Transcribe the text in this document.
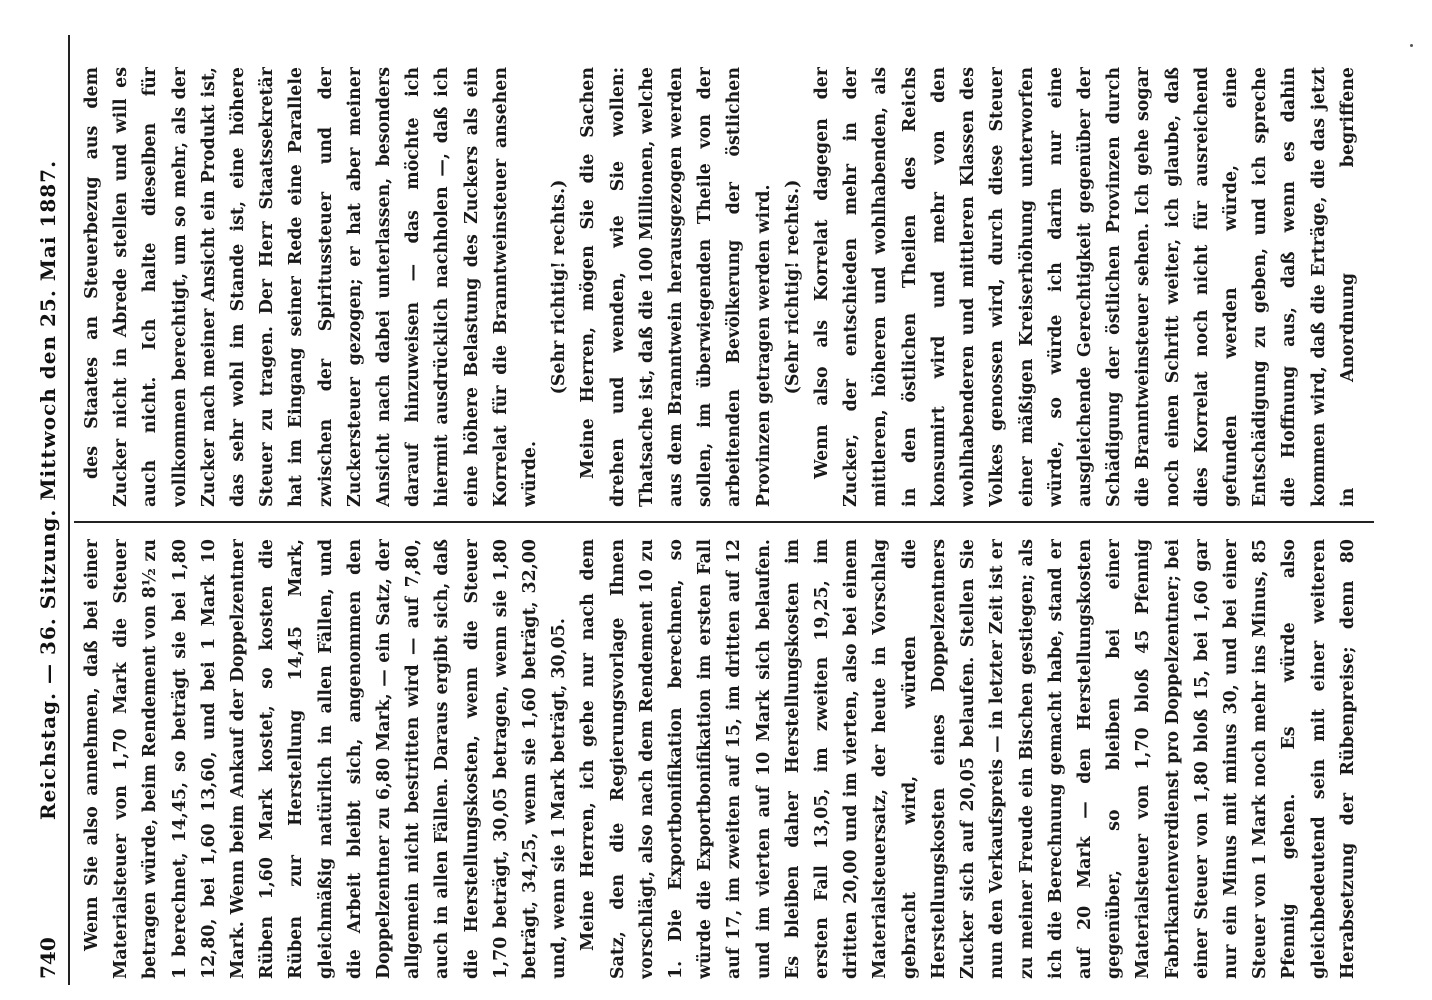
740
Reichstag. — 36. Sitzung. Mittwoch den 25. Mai 1887. Wenn Sie also annehmen, daß bei einer Materialsteuer von 1,70 Mark die Steuer betragen würde, beim Rendement von 8½ zu 1 berechnet, 14,45, so beträgt sie bei 1,80 12,80, bei 1,60 13,60, und bei 1 Mark 10 Mark. Wenn beim Ankauf der Doppelzentner Rüben 1,60 Mark kostet, so kosten die Rüben zur Herstellung 14,45 Mark, gleichmäßig natürlich in allen Fällen, und die Arbeit bleibt sich, angenommen den Doppelzentner zu 6,80 Mark, — ein Satz, der allgemein nicht bestritten wird — auf 7,80, auch in allen Fällen. Daraus ergibt sich, daß die Herstellungskosten, wenn die Steuer 1,70 beträgt, 30,05 betragen, wenn sie 1,80 beträgt, 34,25, wenn sie 1,60 beträgt, 32,00 und, wenn sie 1 Mark beträgt, 30,05. Meine Herren, ich gehe nur nach dem Satz, den die Regierungsvorlage Ihnen vorschlägt, also nach dem Rendement 10 zu 1. Die Exportbonifikation berechnen, so würde die Exportbonifikation im ersten Fall auf 17, im zweiten auf 15, im dritten auf 12 und im vierten auf 10 Mark sich belaufen. Es bleiben daher Herstellungskosten im ersten Fall 13,05, im zweiten 19,25, im dritten 20,00 und im vierten, also bei einem Materialsteuersatz, der heute in Vorschlag gebracht wird, würden die Herstellungskosten eines Doppelzentners Zucker sich auf 20,05 belaufen. Stellen Sie nun den Verkaufspreis — in letzter Zeit ist er zu meiner Freude ein Bischen gestiegen; als ich die Berechnung gemacht habe, stand er auf 20 Mark — den Herstellungskosten gegenüber, so bleiben bei einer Materialsteuer von 1,70 bloß 45 Pfennig Fabrikantenverdienst pro Doppelzentner; bei einer Steuer von 1,80 bloß 15, bei 1,60 gar nur ein Minus mit minus 30, und bei einer Steuer von 1 Mark noch mehr ins Minus, 85 Pfennig gehen. Es würde also gleichbedeutend sein mit einer weiteren Herabsetzung der Rübenpreise; denn 80

des Staates an Steuerbezug aus dem Zucker nicht in Abrede stellen und will es auch nicht. Ich halte dieselben für vollkommen berechtigt, um so mehr, als der Zucker nach meiner Ansicht ein Produkt ist, das sehr wohl im Stande ist, eine höhere Steuer zu tragen. Der Herr Staatssekretär hat im Eingang seiner Rede eine Parallele zwischen der Spiritussteuer und der Zuckersteuer gezogen; er hat aber meiner Ansicht nach dabei unterlassen, besonders darauf hinzuweisen — das möchte ich hiermit ausdrücklich nachholen —, daß ich eine höhere Belastung des Zuckers als ein Korrelat für die Branntweinsteuer ansehen würde.

(Sehr richtig! rechts.) Meine Herren, mögen Sie die Sachen drehen und wenden, wie Sie wollen: Thatsache ist, daß die 100 Millionen, welche aus dem Branntwein herausgezogen werden sollen, im überwiegenden Theile von der arbeitenden Bevölkerung der östlichen Provinzen getragen werden wird. (Sehr richtig! rechts.)

Wenn also als Korrelat dagegen der Zucker, der entschieden mehr in der mittleren, höheren und wohlhabenden, als in den östlichen Theilen des Reichs konsumirt wird und mehr von den wohlhabenderen und mittleren Klassen des Volkes genossen wird, durch diese Steuer einer mäßigen Kreiserhöhung unterworfen würde, so würde ich darin nur eine ausgleichende Gerechtigkeit gegenüber der Schädigung der östlichen Provinzen durch die Branntweinsteuer sehen. Ich gehe sogar noch einen Schritt weiter, ich glaube, daß dies Korrelat noch nicht für ausreichend gefunden werden würde, eine Entschädigung zu geben, und ich spreche die Hoffnung aus, daß wenn es dahin kommen wird, daß die Erträge, die das jetzt in Anordnung begriffene
